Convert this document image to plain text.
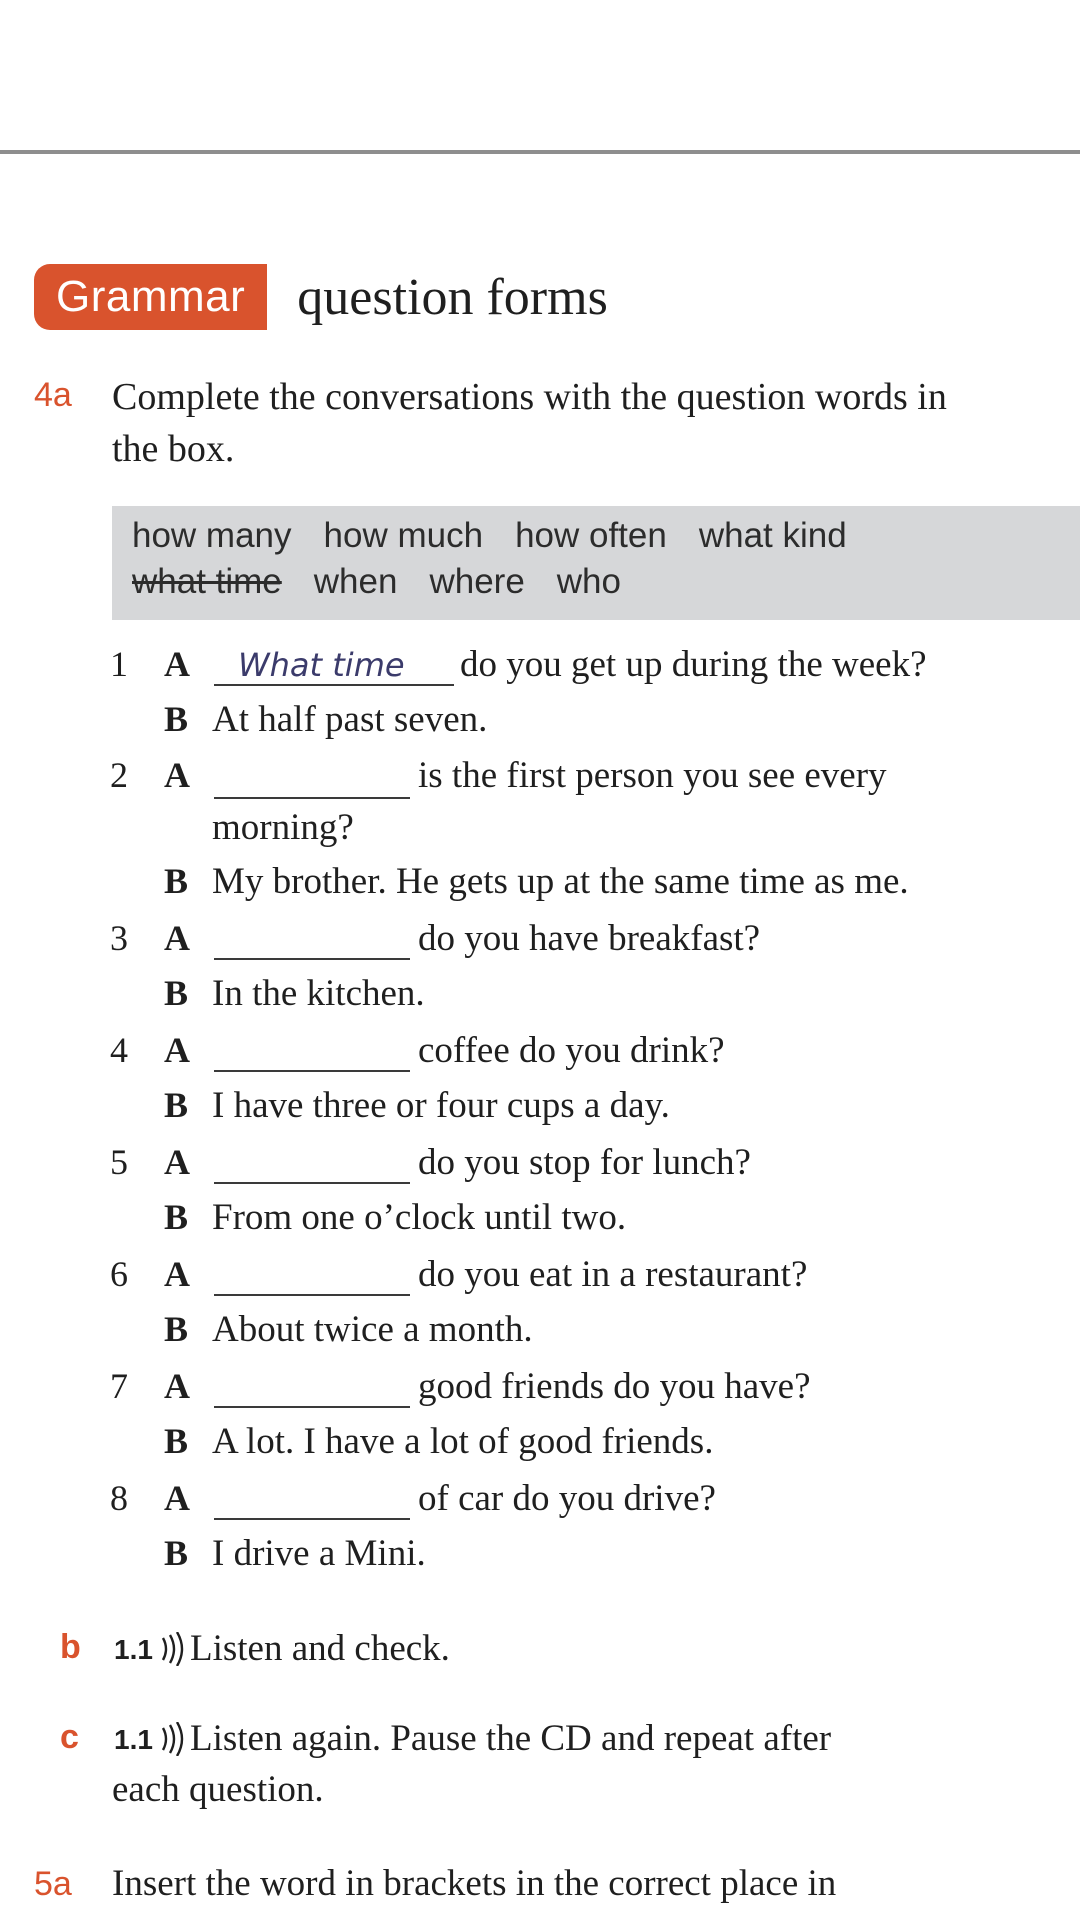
Grammar	question forms
4a Complete the conversations with the question words in
the box.
how many how much how often what kind
what time when where who
1 A What time do you get up during the week?
B At half past seven.
2 A	is the first person you see every
morning?
B My brother. He gets up at the same time as me.
3 A	do you have breakfast?
B In the kitchen.
4 A	coffee do you drink?
B I have three or four cups a day.
5 A	do you stop for lunch?
B From one o’clock until two.
6 A	do you eat in a restaurant?
B About twice a month.
7 A	good friends do you have?
B A lot. I have a lot of good friends.
8 A	of car do you drive?
B I drive a Mini.
b 1.1 Listen and check.
c 1.1 Listen again. Pause the CD and repeat after
each question.
5a Insert the word in brackets in the correct place in
